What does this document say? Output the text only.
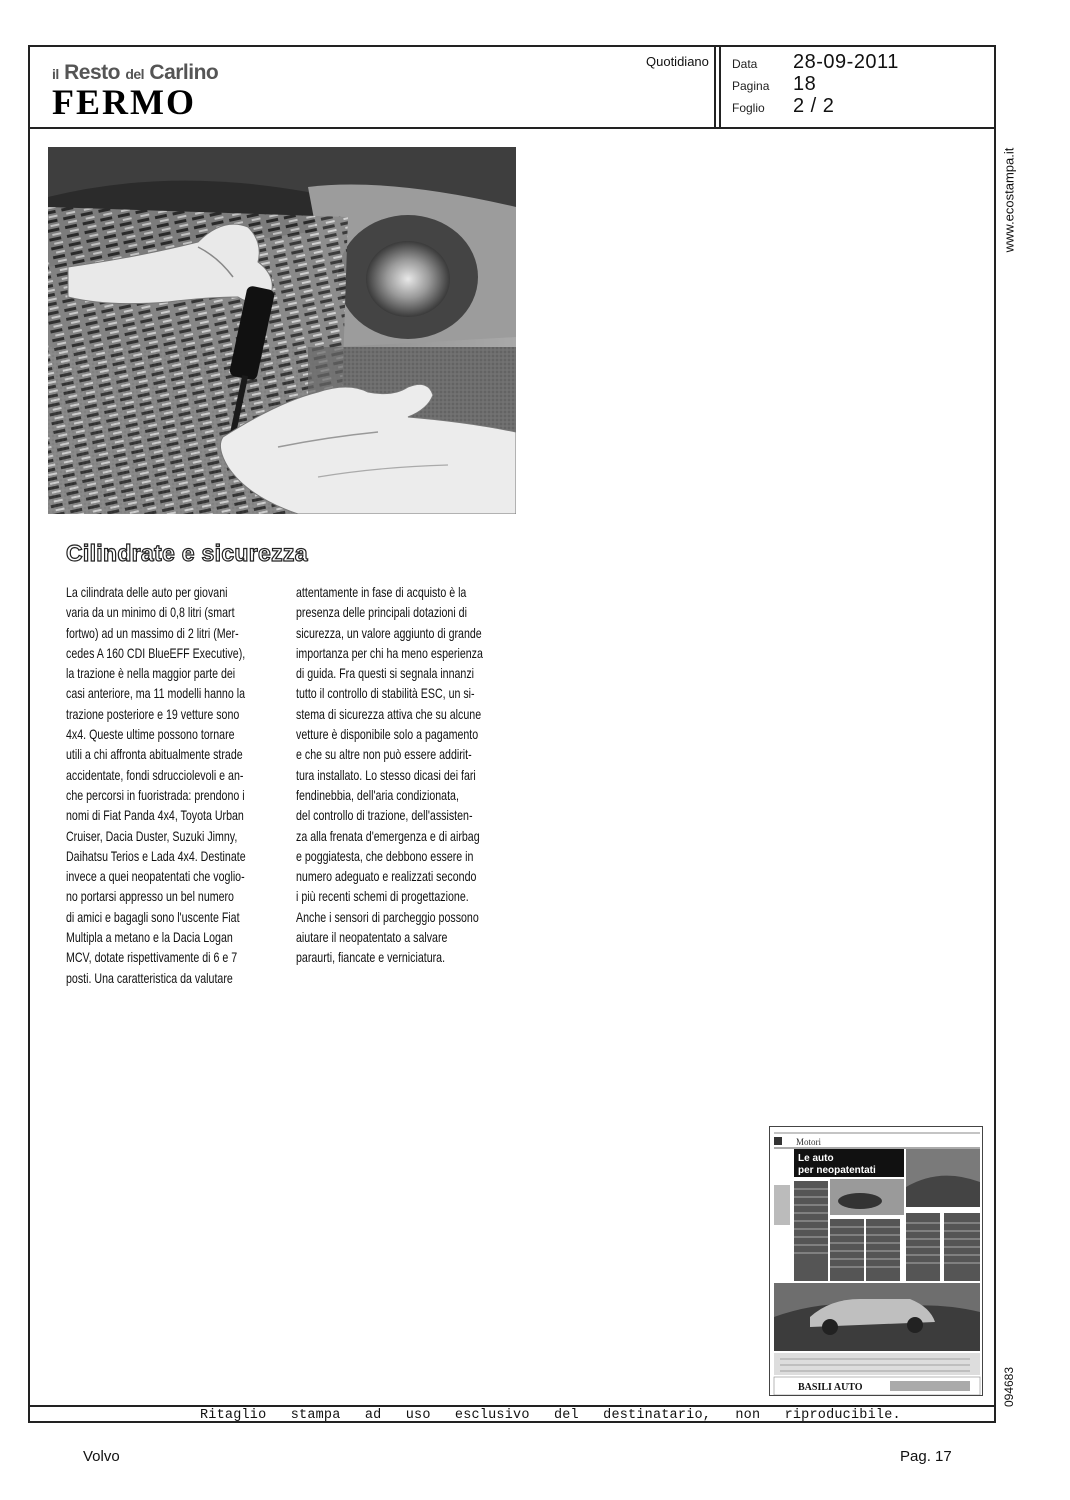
il Resto del Carlino
FERMO
Quotidiano Data	28-09-2011
Pagina	18
Foglio	2 / 2
Cilindrate e sicurezza
La cilindrata delle auto per giovani
varia da un minimo di 0,8 litri (smart
fortwo) ad un massimo di 2 litri (Mer-
cedes A 160 CDI BlueEFF Executive),
la trazione è nella maggior parte dei
casi anteriore, ma 11 modelli hanno la
trazione posteriore e 19 vetture sono
4x4. Queste ultime possono tornare
utili a chi affronta abitualmente strade
accidentate, fondi sdrucciolevoli e an-
che percorsi in fuoristrada: prendono i
nomi di Fiat Panda 4x4, Toyota Urban
Cruiser, Dacia Duster, Suzuki Jimny,
Daihatsu Terios e Lada 4x4. Destinate
invece a quei neopatentati che voglio-
no portarsi appresso un bel numero
di amici e bagagli sono l'uscente Fiat
Multipla a metano e la Dacia Logan
MCV, dotate rispettivamente di 6 e 7
posti. Una caratteristica da valutare
attentamente in fase di acquisto è la
presenza delle principali dotazioni di
sicurezza, un valore aggiunto di grande
importanza per chi ha meno esperienza
di guida. Fra questi si segnala innanzi
tutto il controllo di stabilità ESC, un si-
stema di sicurezza attiva che su alcune
vetture è disponibile solo a pagamento
e che su altre non può essere addirit-
tura installato. Lo stesso dicasi dei fari
fendinebbia, dell'aria condizionata,
del controllo di trazione, dell'assisten-
za alla frenata d'emergenza e di airbag
e poggiatesta, che debbono essere in
numero adeguato e realizzati secondo
i più recenti schemi di progettazione.
Anche i sensori di parcheggio possono
aiutare il neopatentato a salvare
paraurti, fiancate e verniciatura.
www.ecostampa.it
094683
Motori
Le auto
per neopatentati
BASILI AUTO
Ritaglio stampa ad uso esclusivo del destinatario, non riproducibile.
Volvo	Pag. 17
